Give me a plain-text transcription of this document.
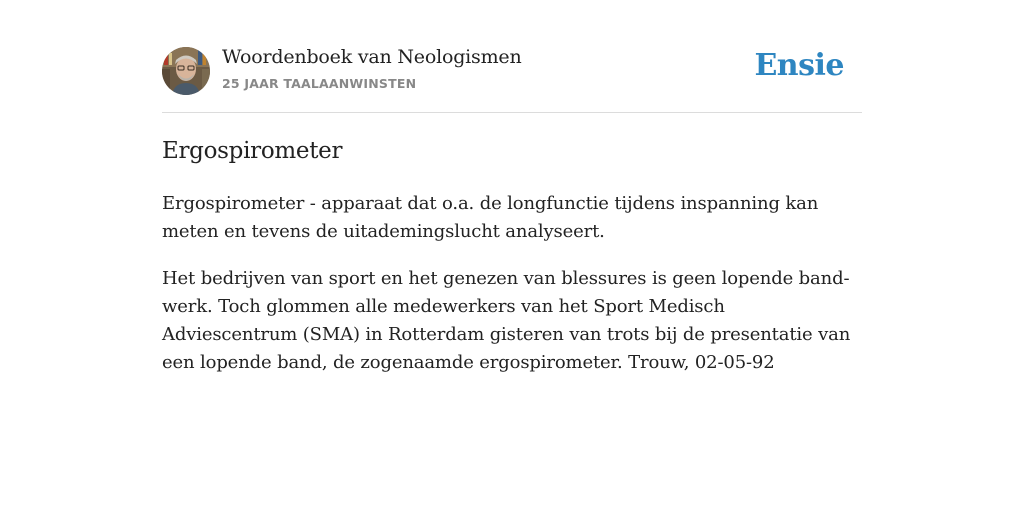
Woordenboek van Neologismen
25 JAAR TAALAANWINSTEN
Ensie
Ergospirometer

Ergospirometer - apparaat dat o.a. de longfunctie tijdens inspanning kan meten en tevens de uitademingslucht analyseert.

Het bedrijven van sport en het genezen van blessures is geen lopende band-werk. Toch glommen alle medewerkers van het Sport Medisch Adviescentrum (SMA) in Rotterdam gisteren van trots bij de presentatie van een lopende band, de zogenaamde ergospirometer. Trouw, 02-05-92
